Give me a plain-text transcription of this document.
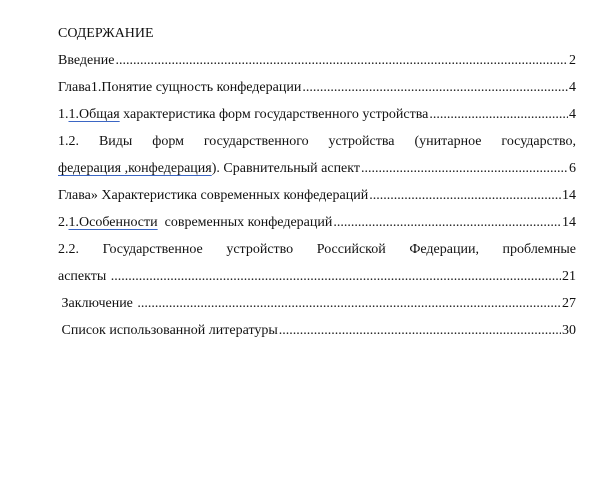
СОДЕРЖАНИЕ
Введение .....	2
Глава1.Понятие сущность конфедерации .....	4
1.1.Общая характеристика форм государственного устройства .....	4
1.2. Виды форм государственного устройства (унитарное государство,
федерация ,конфедерация). Сравнительный аспект .....	6
Глава» Характеристика современных конфедераций .....	14
2.1.Особенности  современных конфедераций .....	14
2.2. Государственное устройство Российской Федерации, проблемные
аспекты .....	21
Заключение .....	27
Список использованной литературы .....	30
